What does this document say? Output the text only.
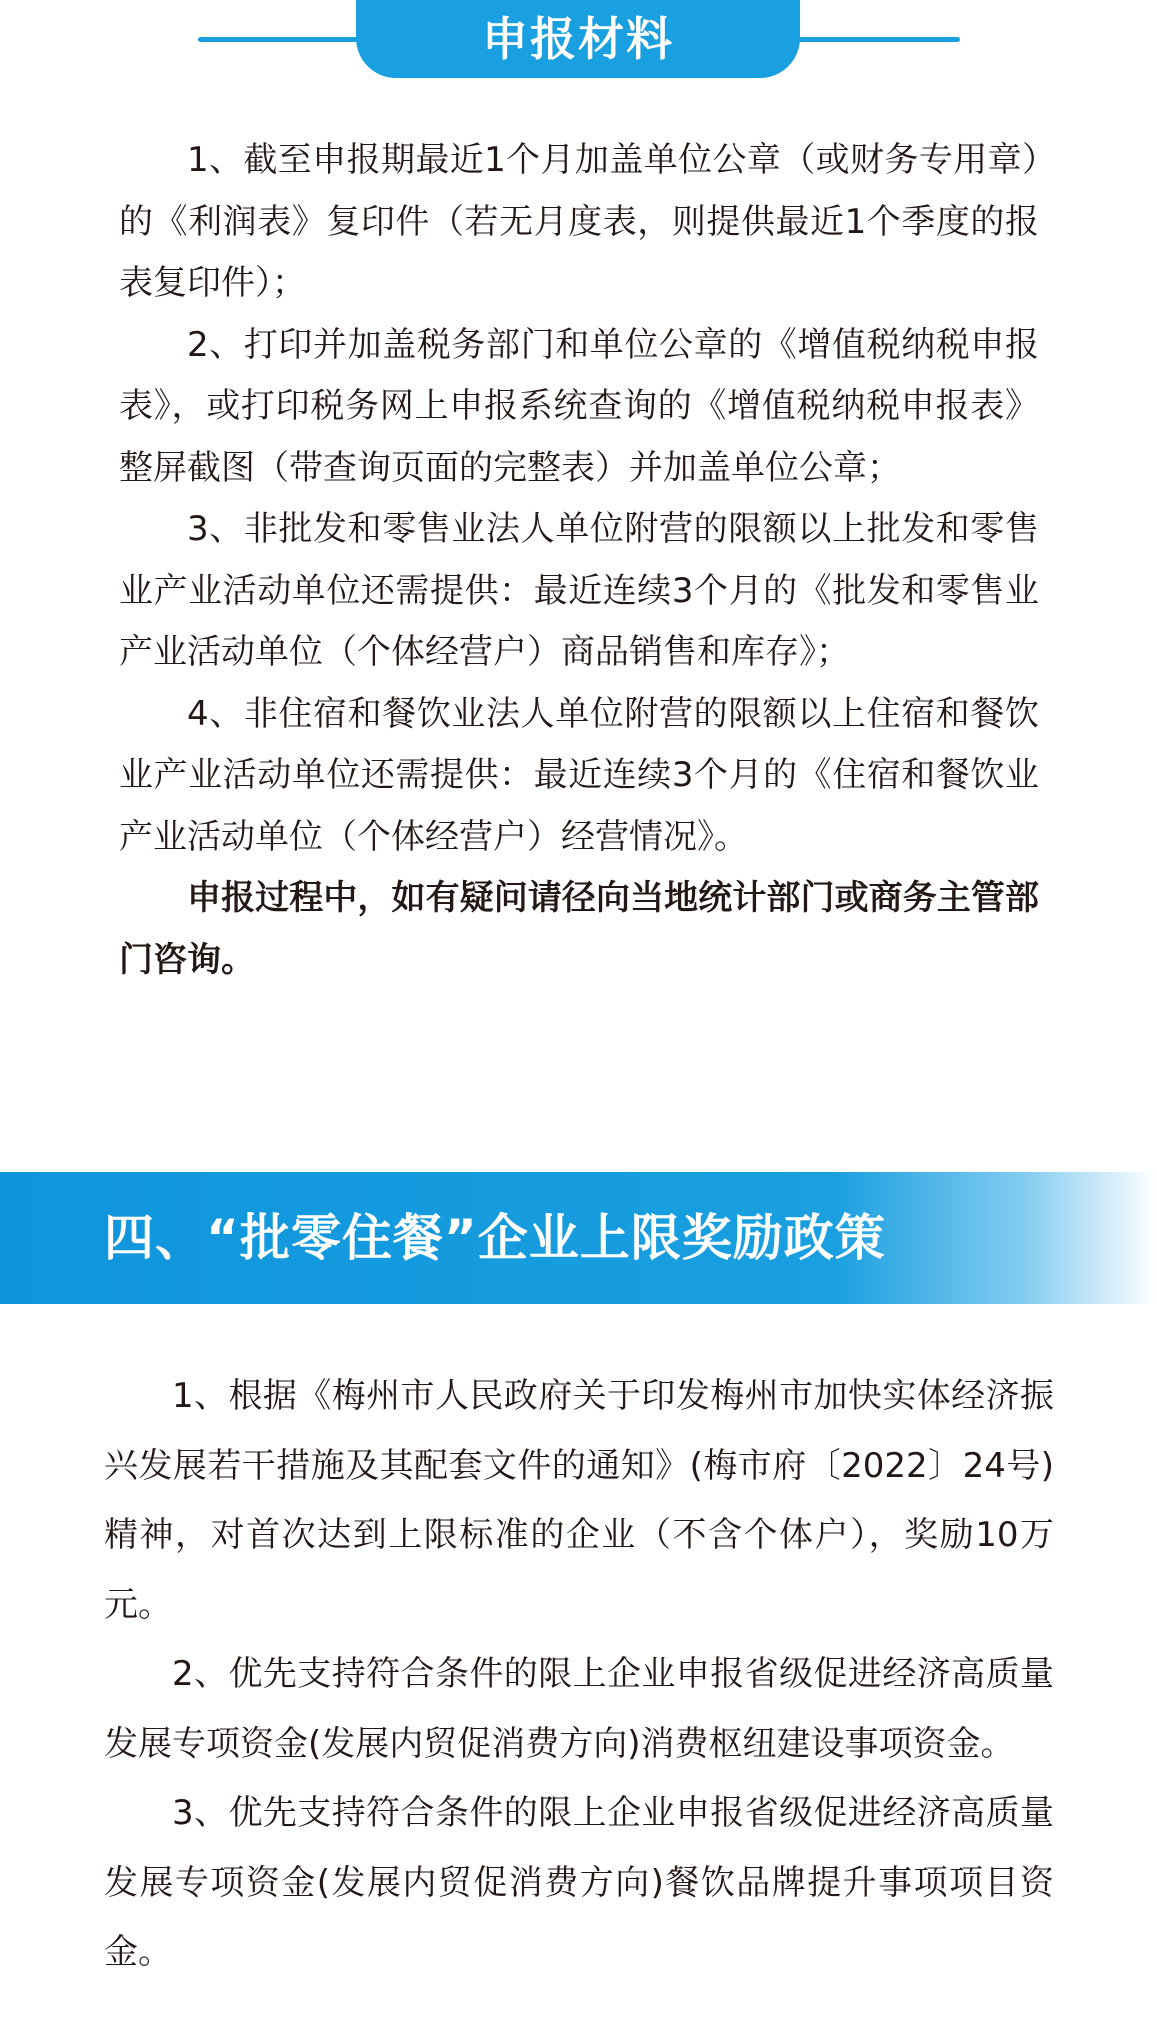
申报材料

1、截至申报期最近1个月加盖单位公章（或财务专用章）的《利润表》复印件（若无月度表，则提供最近1个季度的报表复印件）；

2、打印并加盖税务部门和单位公章的《增值税纳税申报表》，或打印税务网上申报系统查询的《增值税纳税申报表》整屏截图（带查询页面的完整表）并加盖单位公章；

3、非批发和零售业法人单位附营的限额以上批发和零售业产业活动单位还需提供：最近连续3个月的《批发和零售业产业活动单位（个体经营户）商品销售和库存》；

4、非住宿和餐饮业法人单位附营的限额以上住宿和餐饮业产业活动单位还需提供：最近连续3个月的《住宿和餐饮业产业活动单位（个体经营户）经营情况》。

申报过程中，如有疑问请径向当地统计部门或商务主管部门咨询。

四、“批零住餐”企业上限奖励政策

1、根据《梅州市人民政府关于印发梅州市加快实体经济振兴发展若干措施及其配套文件的通知》(梅市府〔2022〕24号)精神，对首次达到上限标准的企业（不含个体户），奖励10万元。

2、优先支持符合条件的限上企业申报省级促进经济高质量发展专项资金(发展内贸促消费方向)消费枢纽建设事项资金。

3、优先支持符合条件的限上企业申报省级促进经济高质量发展专项资金(发展内贸促消费方向)餐饮品牌提升事项项目资金。
